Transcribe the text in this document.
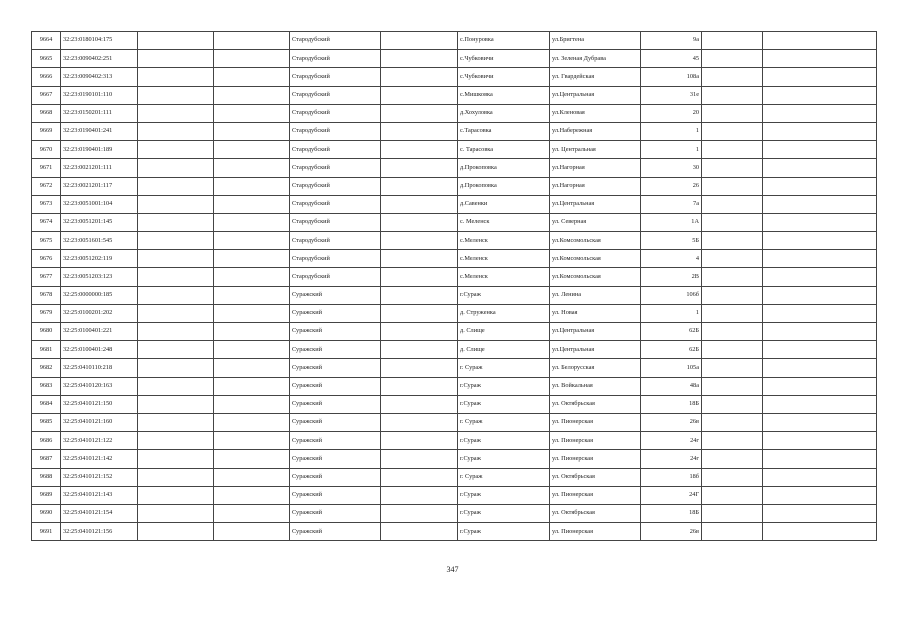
9664	32:23:0180104:175			Стародубский		с.Понуровка	ул.Бригтена	9а		
9665	32:23:0090402:251			Стародубский		с.Чубковичи	ул. Зеленая Дубрава	45		
9666	32:23:0090402:313			Стародубский		с.Чубковичи	ул. Гвардейская	108а		
9667	32:23:0190101:110			Стародубский		с.Мишковка	ул.Центральная	31е		
9668	32:23:0150201:111			Стародубский		д.Хохуловка	ул.Кленовая	20		
9669	32:23:0190401:241			Стародубский		с.Тарасовка	ул.Набережная	1		
9670	32:23:0190401:189			Стародубский		с. Тарасовка	ул. Центральная	1		
9671	32:23:0021201:111			Стародубский		д.Прокоповка	ул.Нагорная	30		
9672	32:23:0021201:117			Стародубский		д.Прокоповка	ул.Нагорная	26		
9673	32:23:0051001:104			Стародубский		д.Савенки	ул.Центральная	7а		
9674	32:23:0051201:145			Стародубский		с. Меленск	ул. Северная	1А		
9675	32:23:0051601:545			Стародубский		с.Меленск	ул.Комсомольская	5Б		
9676	32:23:0051202:119			Стародубский		с.Меленск	ул.Комсомольская	4		
9677	32:23:0051203:123			Стародубский		с.Меленск	ул.Комсомольская	2В		
9678	32:25:0000000:185			Суражский		г.Сураж	ул. Ленина	106б		
9679	32:25:0100201:202			Суражский		д. Струженка	ул. Новая	1		
9680	32:25:0100401:221			Суражский		д. Слище	ул.Центральная	62Б		
9681	32:25:0100401:248			Суражский		д. Слище	ул.Центральная	62Б		
9682	32:25:0410110:218			Суражский		г. Сураж	ул. Белорусская	105а		
9683	32:25:0410120:163			Суражский		г.Сураж	ул. Войкальная	48а		
9684	32:25:0410121:150			Суражский		г.Сураж	ул. Октябрьская	18Б		
9685	32:25:0410121:160			Суражский		г. Сураж	ул. Пионерская	26в		
9686	32:25:0410121:122			Суражский		г.Сураж	ул. Пионерская	24г		
9687	32:25:0410121:142			Суражский		г.Сураж	ул. Пионерская	24г		
9688	32:25:0410121:152			Суражский		г. Сураж	ул. Октябрьская	18б		
9689	32:25:0410121:143			Суражский		г.Сураж	ул. Пионерская	24Г		
9690	32:25:0410121:154			Суражский		г.Сураж	ул. Октябрьская	18Б		
9691	32:25:0410121:156			Суражский		г.Сураж	ул. Пионерская	26в		
347
